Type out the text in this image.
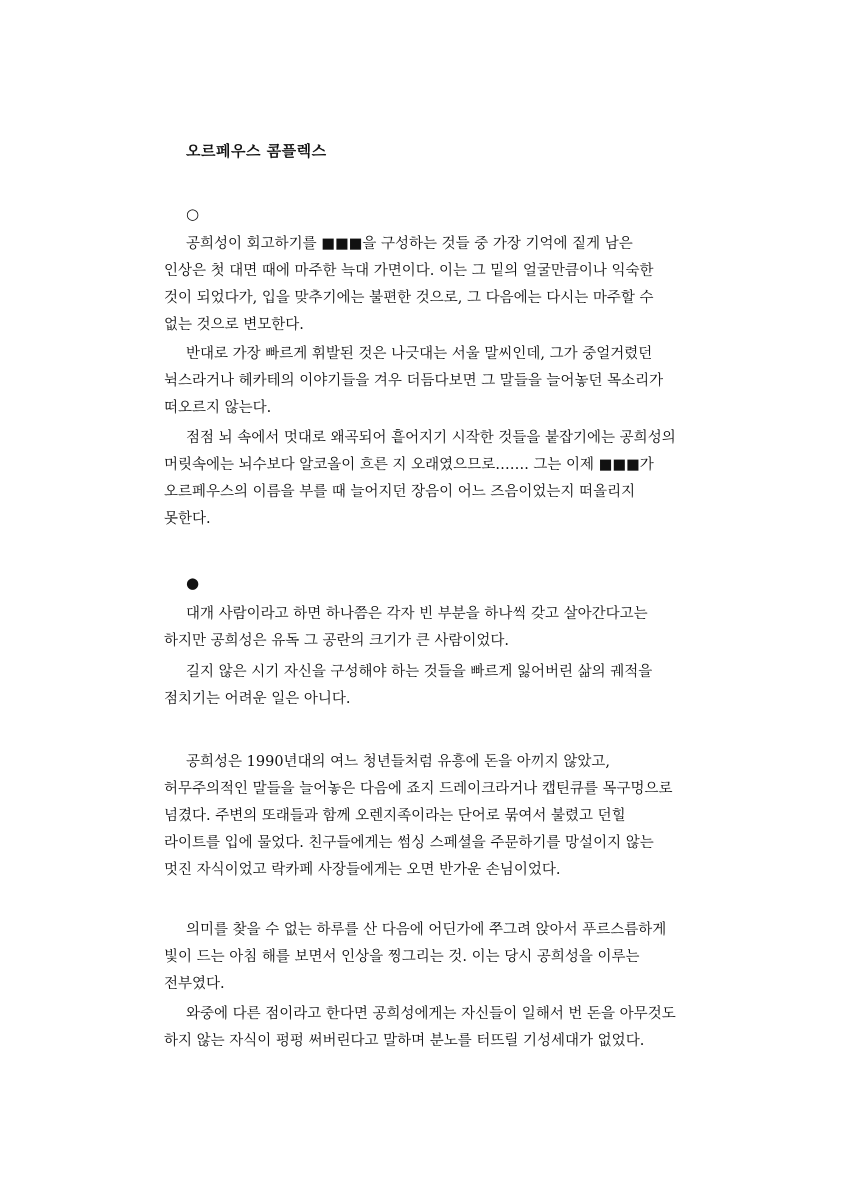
오르페우스 콤플렉스
○
공희성이 회고하기를 ■■■을 구성하는 것들 중 가장 기억에 짙게 남은
인상은 첫 대면 때에 마주한 늑대 가면이다. 이는 그 밑의 얼굴만큼이나 익숙한
것이 되었다가, 입을 맞추기에는 불편한 것으로, 그 다음에는 다시는 마주할 수
없는 것으로 변모한다.
반대로 가장 빠르게 휘발된 것은 나긋대는 서울 말씨인데, 그가 중얼거렸던
뉙스라거나 헤카테의 이야기들을 겨우 더듬다보면 그 말들을 늘어놓던 목소리가
떠오르지 않는다.
점점 뇌 속에서 멋대로 왜곡되어 흩어지기 시작한 것들을 붙잡기에는 공희성의
머릿속에는 뇌수보다 알코올이 흐른 지 오래였으므로……. 그는 이제 ■■■가
오르페우스의 이름을 부를 때 늘어지던 장음이 어느 즈음이었는지 떠올리지
못한다.
●
대개 사람이라고 하면 하나쯤은 각자 빈 부분을 하나씩 갖고 살아간다고는
하지만 공희성은 유독 그 공란의 크기가 큰 사람이었다.
길지 않은 시기 자신을 구성해야 하는 것들을 빠르게 잃어버린 삶의 궤적을
점치기는 어려운 일은 아니다.
공희성은 1990년대의 여느 청년들처럼 유흥에 돈을 아끼지 않았고,
허무주의적인 말들을 늘어놓은 다음에 죠지 드레이크라거나 캡틴큐를 목구멍으로
넘겼다. 주변의 또래들과 함께 오렌지족이라는 단어로 묶여서 불렸고 던힐
라이트를 입에 물었다. 친구들에게는 썸싱 스페셜을 주문하기를 망설이지 않는
멋진 자식이었고 락카페 사장들에게는 오면 반가운 손님이었다.
의미를 찾을 수 없는 하루를 산 다음에 어딘가에 쭈그려 앉아서 푸르스름하게
빛이 드는 아침 해를 보면서 인상을 찡그리는 것. 이는 당시 공희성을 이루는
전부였다.
와중에 다른 점이라고 한다면 공희성에게는 자신들이 일해서 번 돈을 아무것도
하지 않는 자식이 펑펑 써버린다고 말하며 분노를 터뜨릴 기성세대가 없었다.
